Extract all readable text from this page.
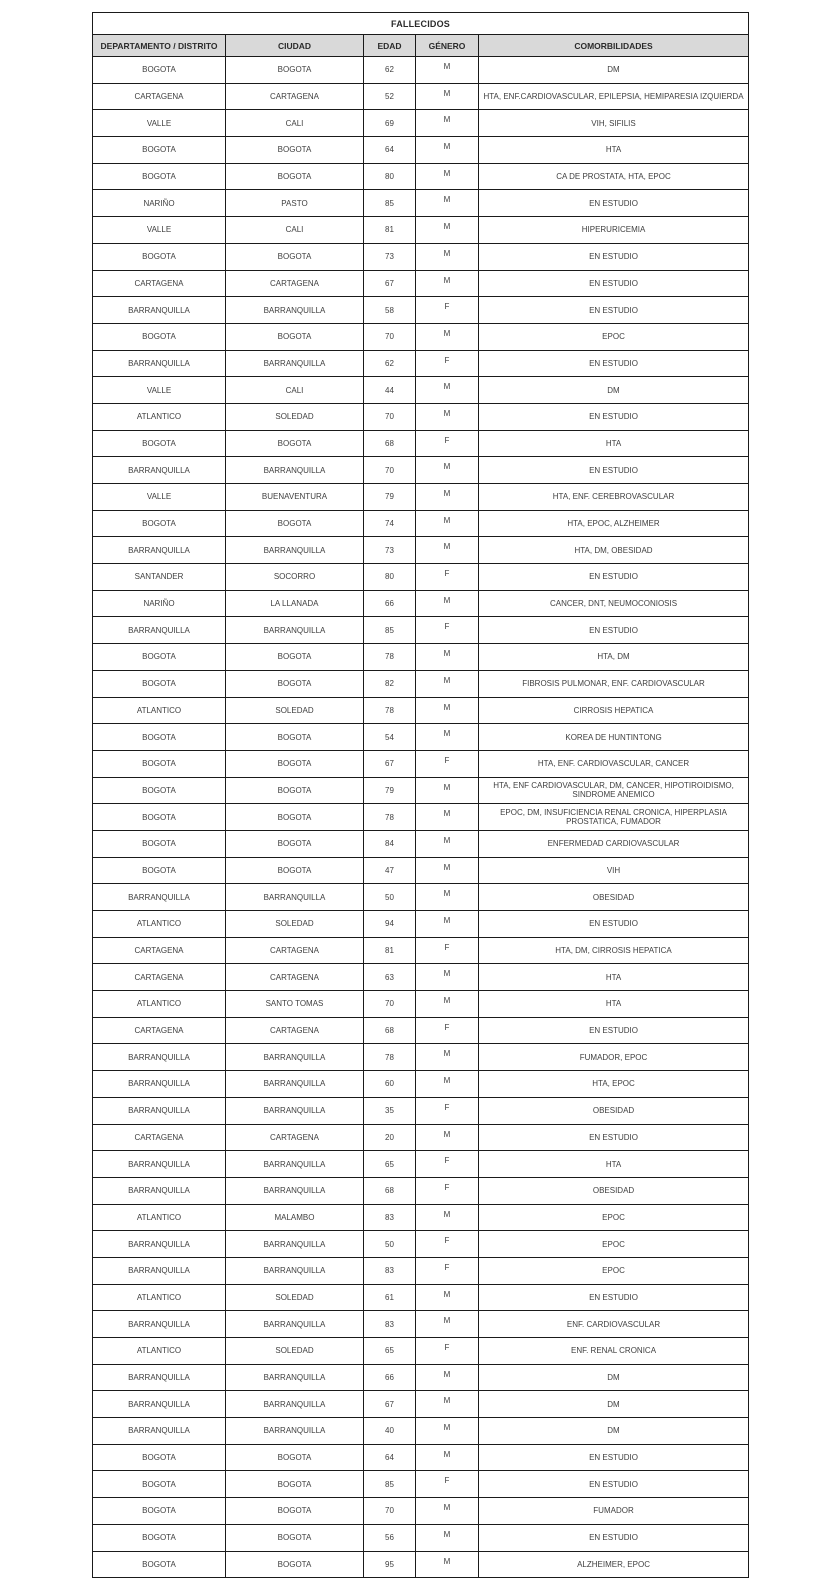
FALLECIDOS				
DEPARTAMENTO / DISTRITO	CIUDAD	EDAD	GÉNERO	COMORBILIDADES
BOGOTA	BOGOTA	62	M	DM
CARTAGENA	CARTAGENA	52	M	HTA, ENF.CARDIOVASCULAR, EPILEPSIA, HEMIPARESIA IZQUIERDA
VALLE	CALI	69	M	VIH, SIFILIS
BOGOTA	BOGOTA	64	M	HTA
BOGOTA	BOGOTA	80	M	CA DE PROSTATA, HTA, EPOC
NARIÑO	PASTO	85	M	EN ESTUDIO
VALLE	CALI	81	M	HIPERURICEMIA
BOGOTA	BOGOTA	73	M	EN ESTUDIO
CARTAGENA	CARTAGENA	67	M	EN ESTUDIO
BARRANQUILLA	BARRANQUILLA	58	F	EN ESTUDIO
BOGOTA	BOGOTA	70	M	EPOC
BARRANQUILLA	BARRANQUILLA	62	F	EN ESTUDIO
VALLE	CALI	44	M	DM
ATLANTICO	SOLEDAD	70	M	EN ESTUDIO
BOGOTA	BOGOTA	68	F	HTA
BARRANQUILLA	BARRANQUILLA	70	M	EN ESTUDIO
VALLE	BUENAVENTURA	79	M	HTA, ENF. CEREBROVASCULAR
BOGOTA	BOGOTA	74	M	HTA, EPOC, ALZHEIMER
BARRANQUILLA	BARRANQUILLA	73	M	HTA, DM, OBESIDAD
SANTANDER	SOCORRO	80	F	EN ESTUDIO
NARIÑO	LA LLANADA	66	M	CANCER, DNT, NEUMOCONIOSIS
BARRANQUILLA	BARRANQUILLA	85	F	EN ESTUDIO
BOGOTA	BOGOTA	78	M	HTA, DM
BOGOTA	BOGOTA	82	M	FIBROSIS PULMONAR, ENF. CARDIOVASCULAR
ATLANTICO	SOLEDAD	78	M	CIRROSIS HEPATICA
BOGOTA	BOGOTA	54	M	KOREA DE HUNTINTONG
BOGOTA	BOGOTA	67	F	HTA, ENF. CARDIOVASCULAR, CANCER
BOGOTA	BOGOTA	79	M	HTA, ENF CARDIOVASCULAR, DM, CANCER, HIPOTIROIDISMO, SINDROME ANEMICO
BOGOTA	BOGOTA	78	M	EPOC, DM, INSUFICIENCIA RENAL CRONICA, HIPERPLASIA PROSTATICA, FUMADOR
BOGOTA	BOGOTA	84	M	ENFERMEDAD CARDIOVASCULAR
BOGOTA	BOGOTA	47	M	VIH
BARRANQUILLA	BARRANQUILLA	50	M	OBESIDAD
ATLANTICO	SOLEDAD	94	M	EN ESTUDIO
CARTAGENA	CARTAGENA	81	F	HTA, DM, CIRROSIS HEPATICA
CARTAGENA	CARTAGENA	63	M	HTA
ATLANTICO	SANTO TOMAS	70	M	HTA
CARTAGENA	CARTAGENA	68	F	EN ESTUDIO
BARRANQUILLA	BARRANQUILLA	78	M	FUMADOR, EPOC
BARRANQUILLA	BARRANQUILLA	60	M	HTA, EPOC
BARRANQUILLA	BARRANQUILLA	35	F	OBESIDAD
CARTAGENA	CARTAGENA	20	M	EN ESTUDIO
BARRANQUILLA	BARRANQUILLA	65	F	HTA
BARRANQUILLA	BARRANQUILLA	68	F	OBESIDAD
ATLANTICO	MALAMBO	83	M	EPOC
BARRANQUILLA	BARRANQUILLA	50	F	EPOC
BARRANQUILLA	BARRANQUILLA	83	F	EPOC
ATLANTICO	SOLEDAD	61	M	EN ESTUDIO
BARRANQUILLA	BARRANQUILLA	83	M	ENF. CARDIOVASCULAR
ATLANTICO	SOLEDAD	65	F	ENF. RENAL CRONICA
BARRANQUILLA	BARRANQUILLA	66	M	DM
BARRANQUILLA	BARRANQUILLA	67	M	DM
BARRANQUILLA	BARRANQUILLA	40	M	DM
BOGOTA	BOGOTA	64	M	EN ESTUDIO
BOGOTA	BOGOTA	85	F	EN ESTUDIO
BOGOTA	BOGOTA	70	M	FUMADOR
BOGOTA	BOGOTA	56	M	EN ESTUDIO
BOGOTA	BOGOTA	95	M	ALZHEIMER, EPOC
